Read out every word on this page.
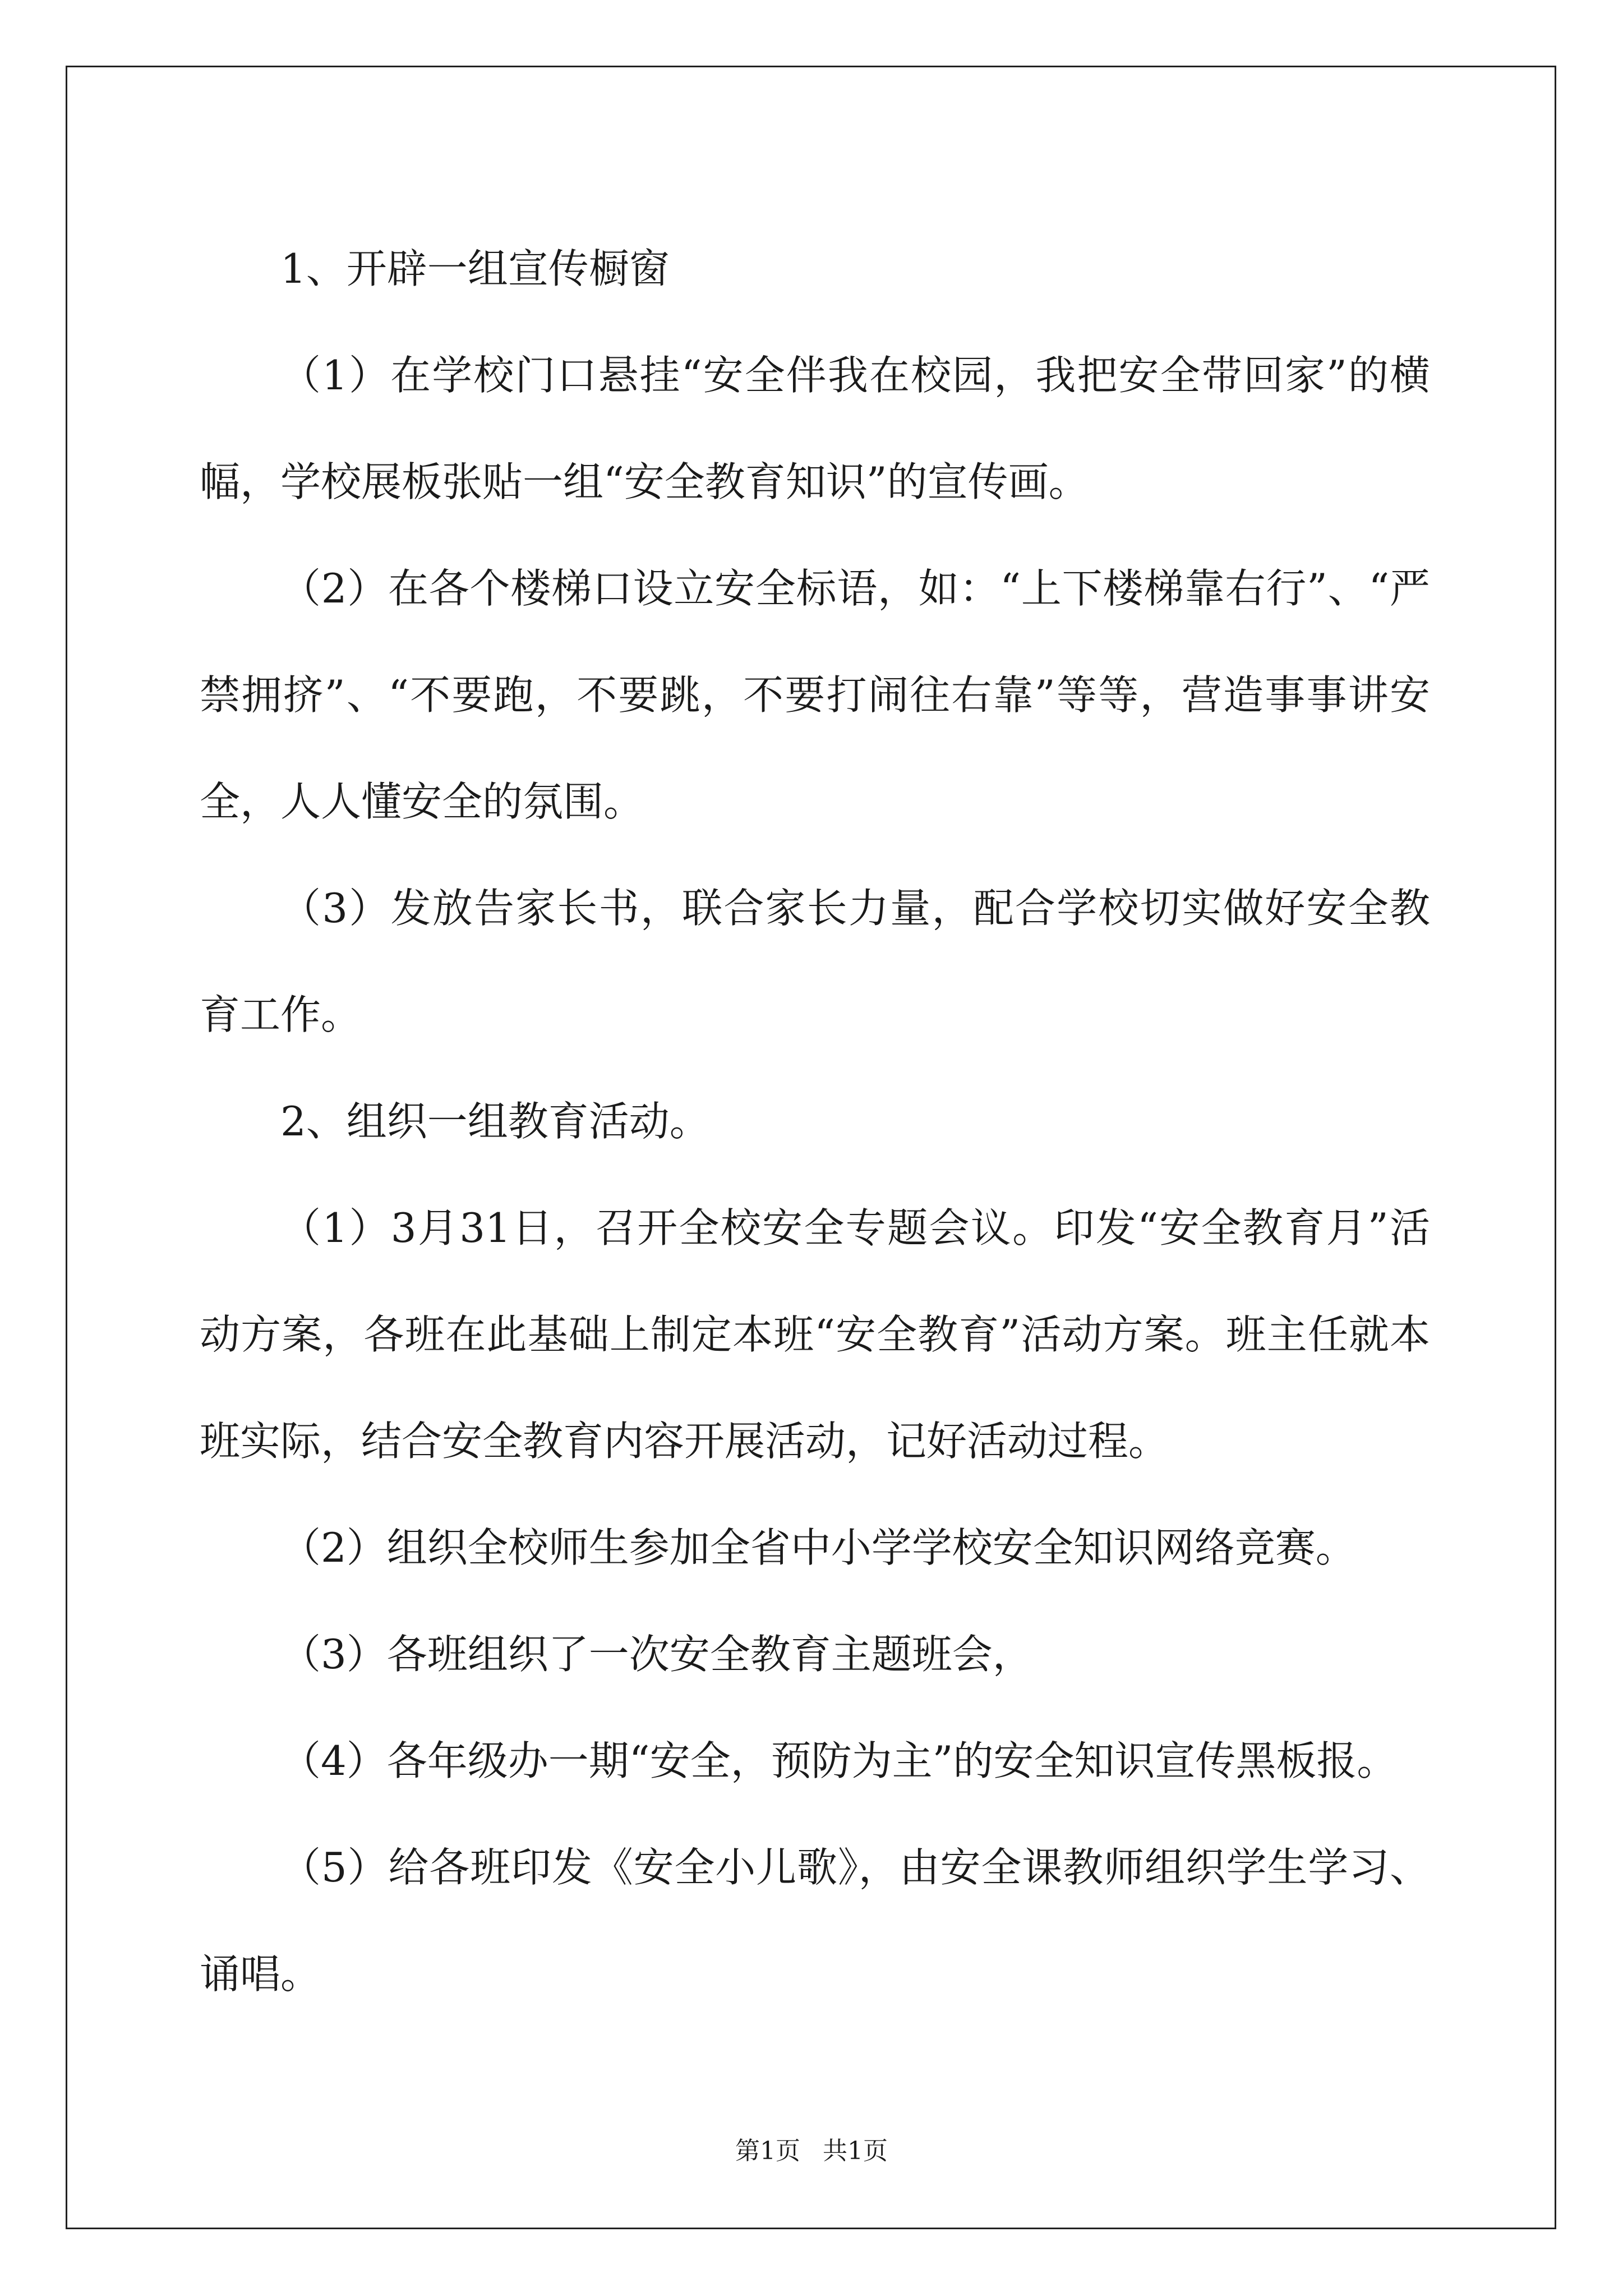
1、开辟一组宣传橱窗

（1）在学校门口悬挂“安全伴我在校园，我把安全带回家”的横幅，学校展板张贴一组“安全教育知识”的宣传画。

（2）在各个楼梯口设立安全标语，如：“上下楼梯靠右行”、“严禁拥挤”、“不要跑，不要跳，不要打闹往右靠”等等，营造事事讲安全，人人懂安全的氛围。

（3）发放告家长书，联合家长力量，配合学校切实做好安全教育工作。

2、组织一组教育活动。

（1）3月31日，召开全校安全专题会议。印发“安全教育月”活动方案，各班在此基础上制定本班“安全教育”活动方案。班主任就本班实际，结合安全教育内容开展活动，记好活动过程。

（2）组织全校师生参加全省中小学学校安全知识网络竞赛。

（3）各班组织了一次安全教育主题班会，

（4）各年级办一期“安全，预防为主”的安全知识宣传黑板报。

（5）给各班印发《安全小儿歌》，由安全课教师组织学生学习、诵唱。

第1页 共1页
